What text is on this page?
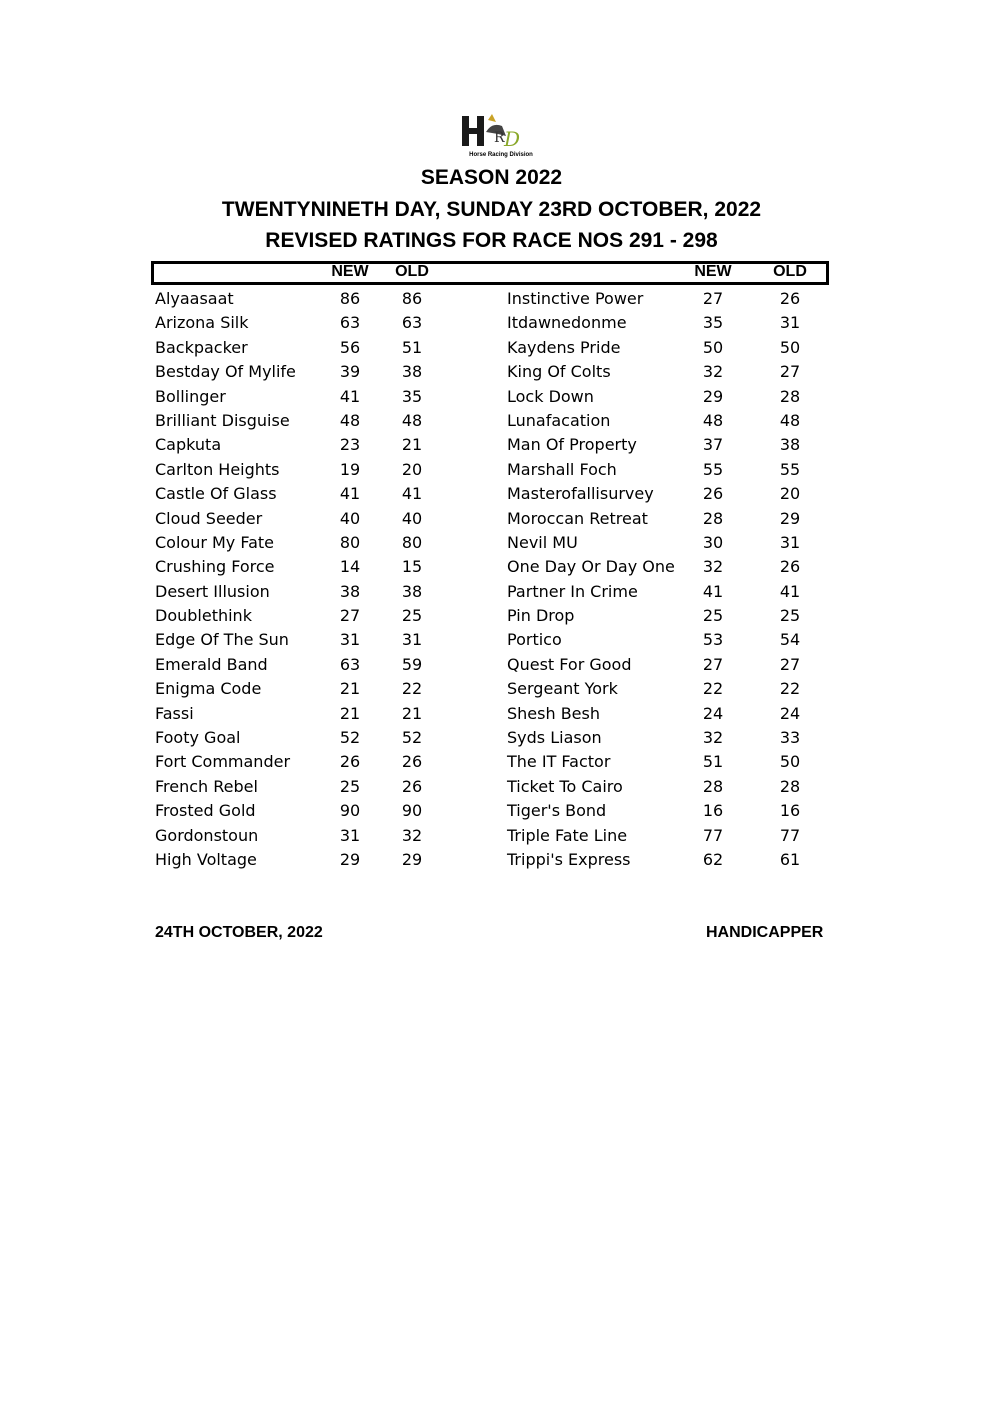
D
R
Horse Racing Division
SEASON 2022
TWENTYNINETH DAY, SUNDAY 23RD OCTOBER, 2022
REVISED RATINGS FOR RACE NOS 291 - 298
NEW	OLD	NEW	OLD
Alyaasaat	86	86	Instinctive Power	27	26
Arizona Silk	63	63	Itdawnedonme	35	31
Backpacker	56	51	Kaydens Pride	50	50
Bestday Of Mylife	39	38	King Of Colts	32	27
Bollinger	41	35	Lock Down	29	28
Brilliant Disguise	48	48	Lunafacation	48	48
Capkuta	23	21	Man Of Property	37	38
Carlton Heights	19	20	Marshall Foch	55	55
Castle Of Glass	41	41	Masterofallisurvey	26	20
Cloud Seeder	40	40	Moroccan Retreat	28	29
Colour My Fate	80	80	Nevil MU	30	31
Crushing Force	14	15	One Day Or Day One	32	26
Desert Illusion	38	38	Partner In Crime	41	41
Doublethink	27	25	Pin Drop	25	25
Edge Of The Sun	31	31	Portico	53	54
Emerald Band	63	59	Quest For Good	27	27
Enigma Code	21	22	Sergeant York	22	22
Fassi	21	21	Shesh Besh	24	24
Footy Goal	52	52	Syds Liason	32	33
Fort Commander	26	26	The IT Factor	51	50
French Rebel	25	26	Ticket To Cairo	28	28
Frosted Gold	90	90	Tiger's Bond	16	16
Gordonstoun	31	32	Triple Fate Line	77	77
High Voltage	29	29	Trippi's Express	62	61
24TH OCTOBER, 2022	HANDICAPPER
